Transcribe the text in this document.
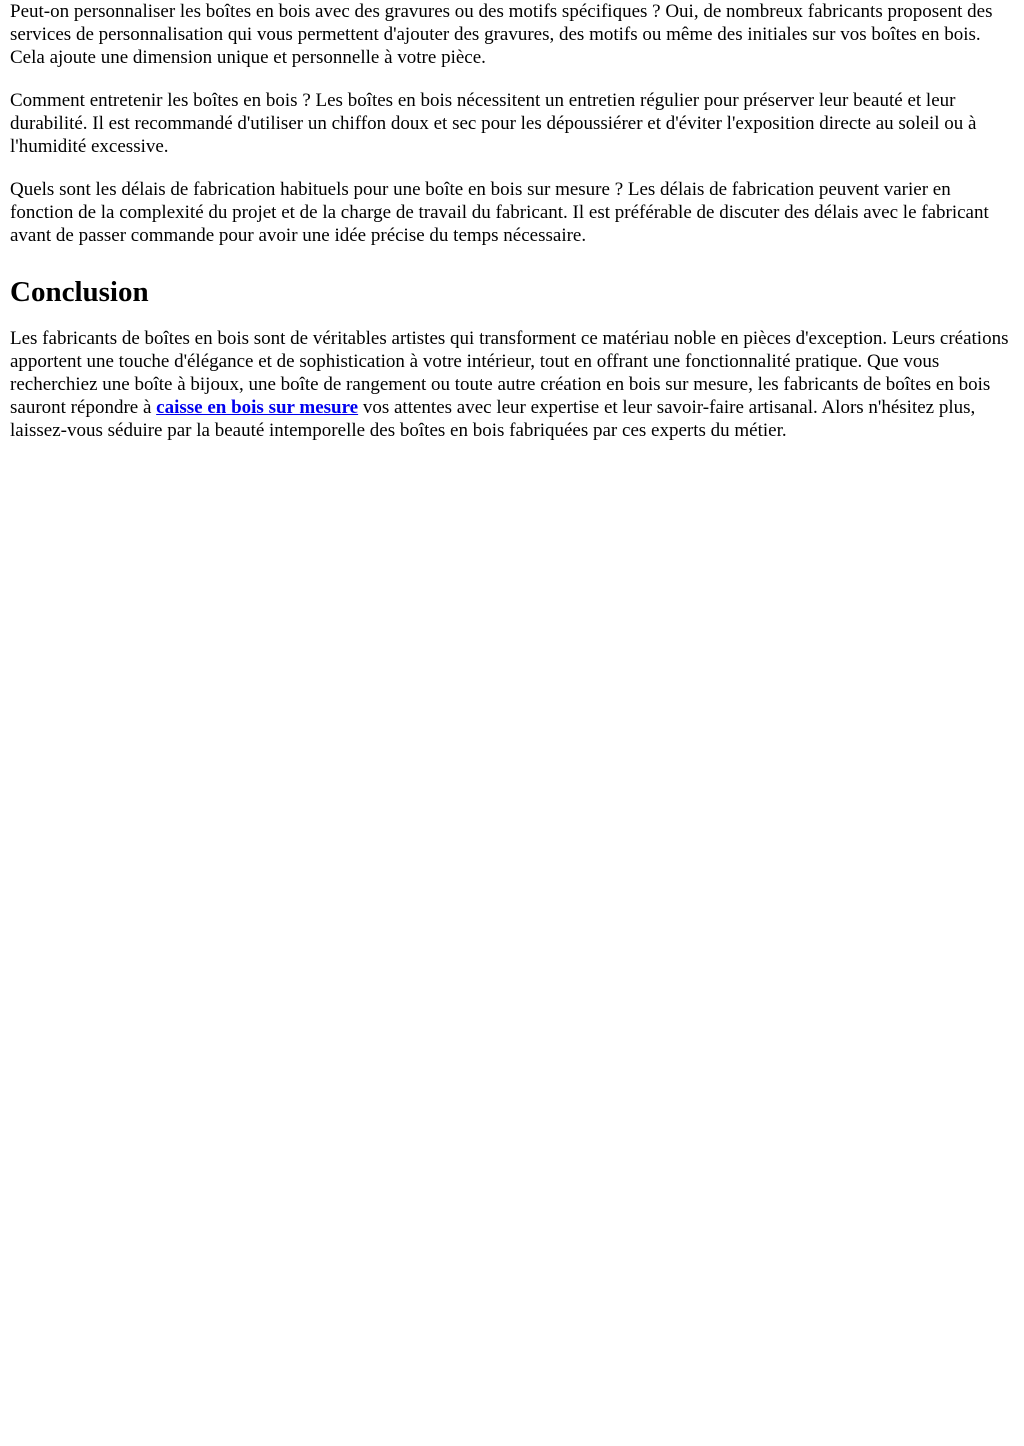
Peut-on personnaliser les boîtes en bois avec des gravures ou des motifs spécifiques ? Oui, de nombreux fabricants proposent des services de personnalisation qui vous permettent d'ajouter des gravures, des motifs ou même des initiales sur vos boîtes en bois. Cela ajoute une dimension unique et personnelle à votre pièce.

Comment entretenir les boîtes en bois ? Les boîtes en bois nécessitent un entretien régulier pour préserver leur beauté et leur durabilité. Il est recommandé d'utiliser un chiffon doux et sec pour les dépoussiérer et d'éviter l'exposition directe au soleil ou à l'humidité excessive.

Quels sont les délais de fabrication habituels pour une boîte en bois sur mesure ? Les délais de fabrication peuvent varier en fonction de la complexité du projet et de la charge de travail du fabricant. Il est préférable de discuter des délais avec le fabricant avant de passer commande pour avoir une idée précise du temps nécessaire.

Conclusion

Les fabricants de boîtes en bois sont de véritables artistes qui transforment ce matériau noble en pièces d'exception. Leurs créations apportent une touche d'élégance et de sophistication à votre intérieur, tout en offrant une fonctionnalité pratique. Que vous recherchiez une boîte à bijoux, une boîte de rangement ou toute autre création en bois sur mesure, les fabricants de boîtes en bois sauront répondre à caisse en bois sur mesure vos attentes avec leur expertise et leur savoir-faire artisanal. Alors n'hésitez plus, laissez-vous séduire par la beauté intemporelle des boîtes en bois fabriquées par ces experts du métier.
